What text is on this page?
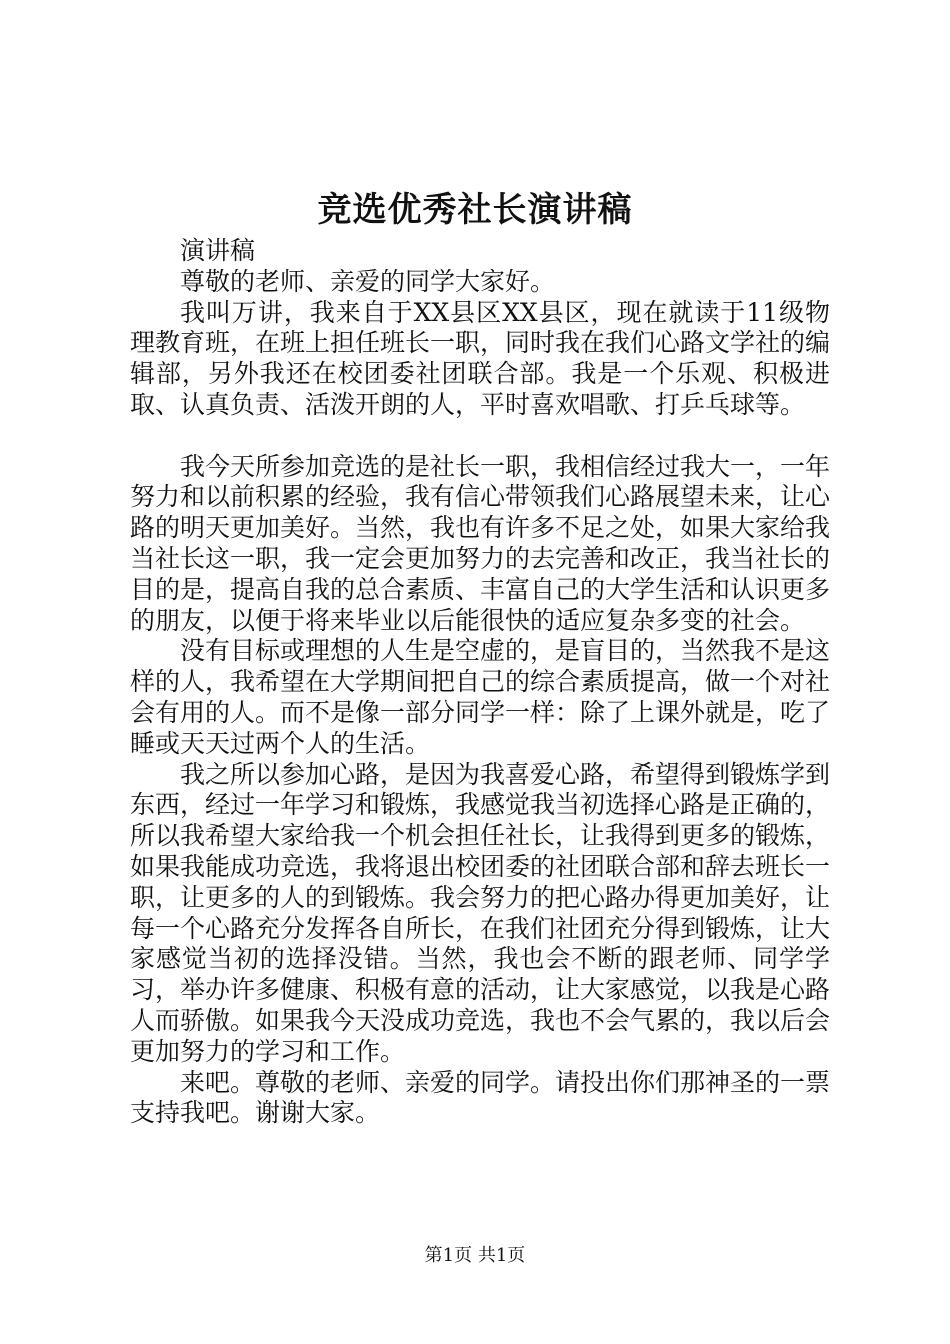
竞选优秀社长演讲稿

演讲稿

尊敬的老师、亲爱的同学大家好。

我叫万讲，我来自于XX县区XX县区，现在就读于11级物理教育班，在班上担任班长一职，同时我在我们心路文学社的编辑部，另外我还在校团委社团联合部。我是一个乐观、积极进取、认真负责、活泼开朗的人，平时喜欢唱歌、打乒乓球等。

我今天所参加竞选的是社长一职，我相信经过我大一，一年努力和以前积累的经验，我有信心带领我们心路展望未来，让心路的明天更加美好。当然，我也有许多不足之处，如果大家给我当社长这一职，我一定会更加努力的去完善和改正，我当社长的目的是，提高自我的总合素质、丰富自己的大学生活和认识更多的朋友，以便于将来毕业以后能很快的适应复杂多变的社会。

没有目标或理想的人生是空虚的，是盲目的，当然我不是这样的人，我希望在大学期间把自己的综合素质提高，做一个对社会有用的人。而不是像一部分同学一样：除了上课外就是，吃了睡或天天过两个人的生活。

我之所以参加心路，是因为我喜爱心路，希望得到锻炼学到东西，经过一年学习和锻炼，我感觉我当初选择心路是正确的，所以我希望大家给我一个机会担任社长，让我得到更多的锻炼，如果我能成功竞选，我将退出校团委的社团联合部和辞去班长一职，让更多的人的到锻炼。我会努力的把心路办得更加美好，让每一个心路充分发挥各自所长，在我们社团充分得到锻炼，让大家感觉当初的选择没错。当然，我也会不断的跟老师、同学学习，举办许多健康、积极有意的活动，让大家感觉，以我是心路人而骄傲。如果我今天没成功竞选，我也不会气累的，我以后会更加努力的学习和工作。

来吧。尊敬的老师、亲爱的同学。请投出你们那神圣的一票支持我吧。谢谢大家。

第1页 共1页
